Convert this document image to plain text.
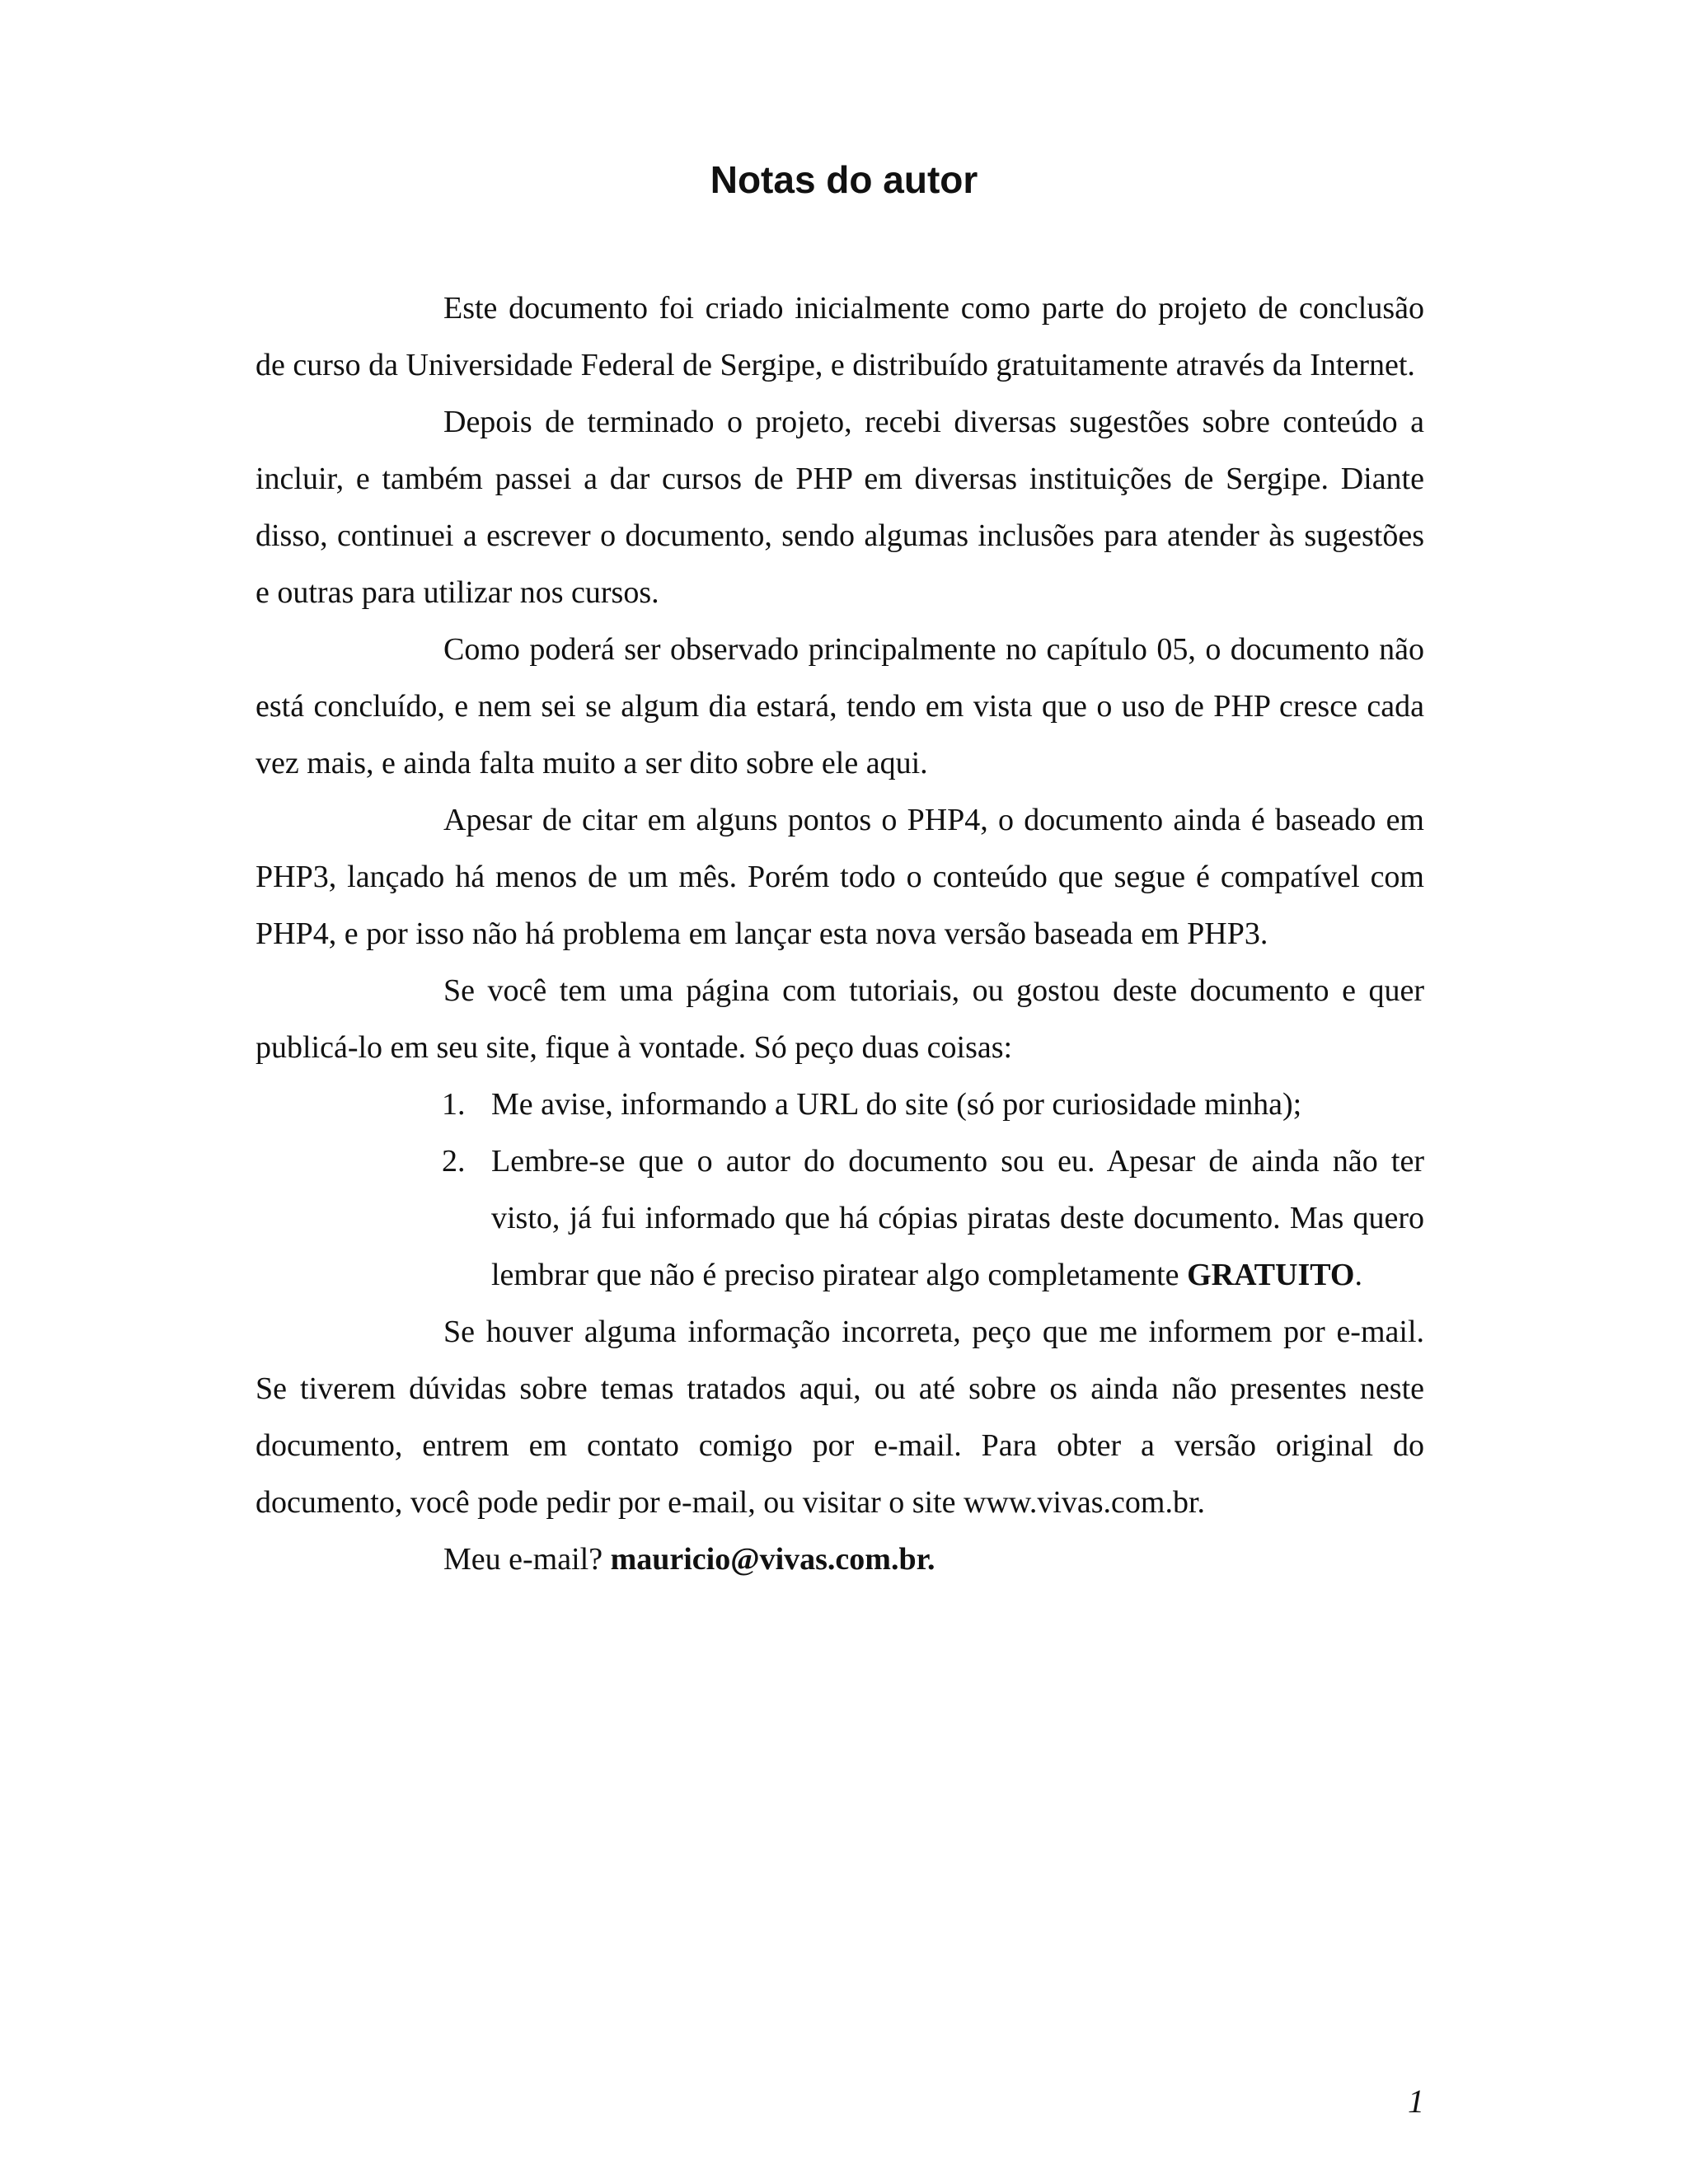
Notas do autor

Este documento foi criado inicialmente como parte do projeto de conclusão de curso da Universidade Federal de Sergipe, e distribuído gratuitamente através da Internet.

Depois de terminado o projeto, recebi diversas sugestões sobre conteúdo a incluir, e também passei a dar cursos de PHP em diversas instituições de Sergipe. Diante disso, continuei a escrever o documento, sendo algumas inclusões para atender às sugestões e outras para utilizar nos cursos.

Como poderá ser observado principalmente no capítulo 05, o documento não está concluído, e nem sei se algum dia estará, tendo em vista que o uso de PHP cresce cada vez mais, e ainda falta muito a ser dito sobre ele aqui.

Apesar de citar em alguns pontos o PHP4, o documento ainda é baseado em PHP3, lançado há menos de um mês. Porém todo o conteúdo que segue é compatível com PHP4, e por isso não há problema em lançar esta nova versão baseada em PHP3.

Se você tem uma página com tutoriais, ou gostou deste documento e quer publicá-lo em seu site, fique à vontade. Só peço duas coisas:

1. Me avise, informando a URL do site (só por curiosidade minha);
2. Lembre-se que o autor do documento sou eu. Apesar de ainda não ter visto, já fui informado que há cópias piratas deste documento. Mas quero lembrar que não é preciso piratear algo completamente GRATUITO.

Se houver alguma informação incorreta, peço que me informem por e-mail. Se tiverem dúvidas sobre temas tratados aqui, ou até sobre os ainda não presentes neste documento, entrem em contato comigo por e-mail. Para obter a versão original do documento, você pode pedir por e-mail, ou visitar o site www.vivas.com.br.

Meu e-mail? mauricio@vivas.com.br.

1
